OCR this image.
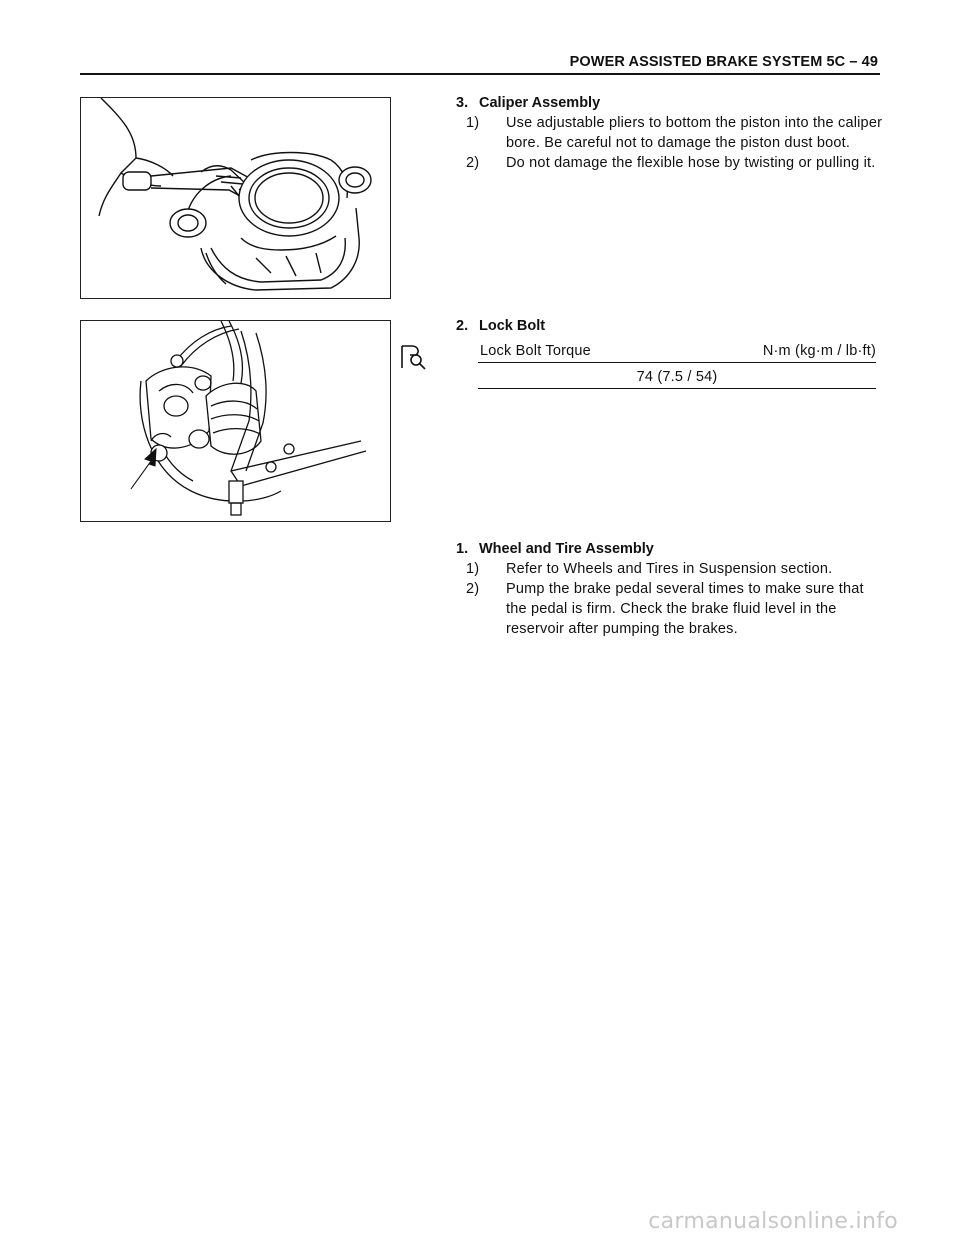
POWER ASSISTED BRAKE SYSTEM 5C – 49
3. Caliper Assembly
1) Use adjustable pliers to bottom the piston into the caliper bore. Be careful not to damage the piston dust boot.
2) Do not damage the flexible hose by twisting or pulling it.
2. Lock Bolt
Lock Bolt Torque	N·m (kg·m / lb·ft)
74 (7.5 / 54)
1. Wheel and Tire Assembly
1) Refer to Wheels and Tires in Suspension section.
2) Pump the brake pedal several times to make sure that the pedal is firm. Check the brake fluid level in the reservoir after pumping the brakes.
carmanualsonline.info
